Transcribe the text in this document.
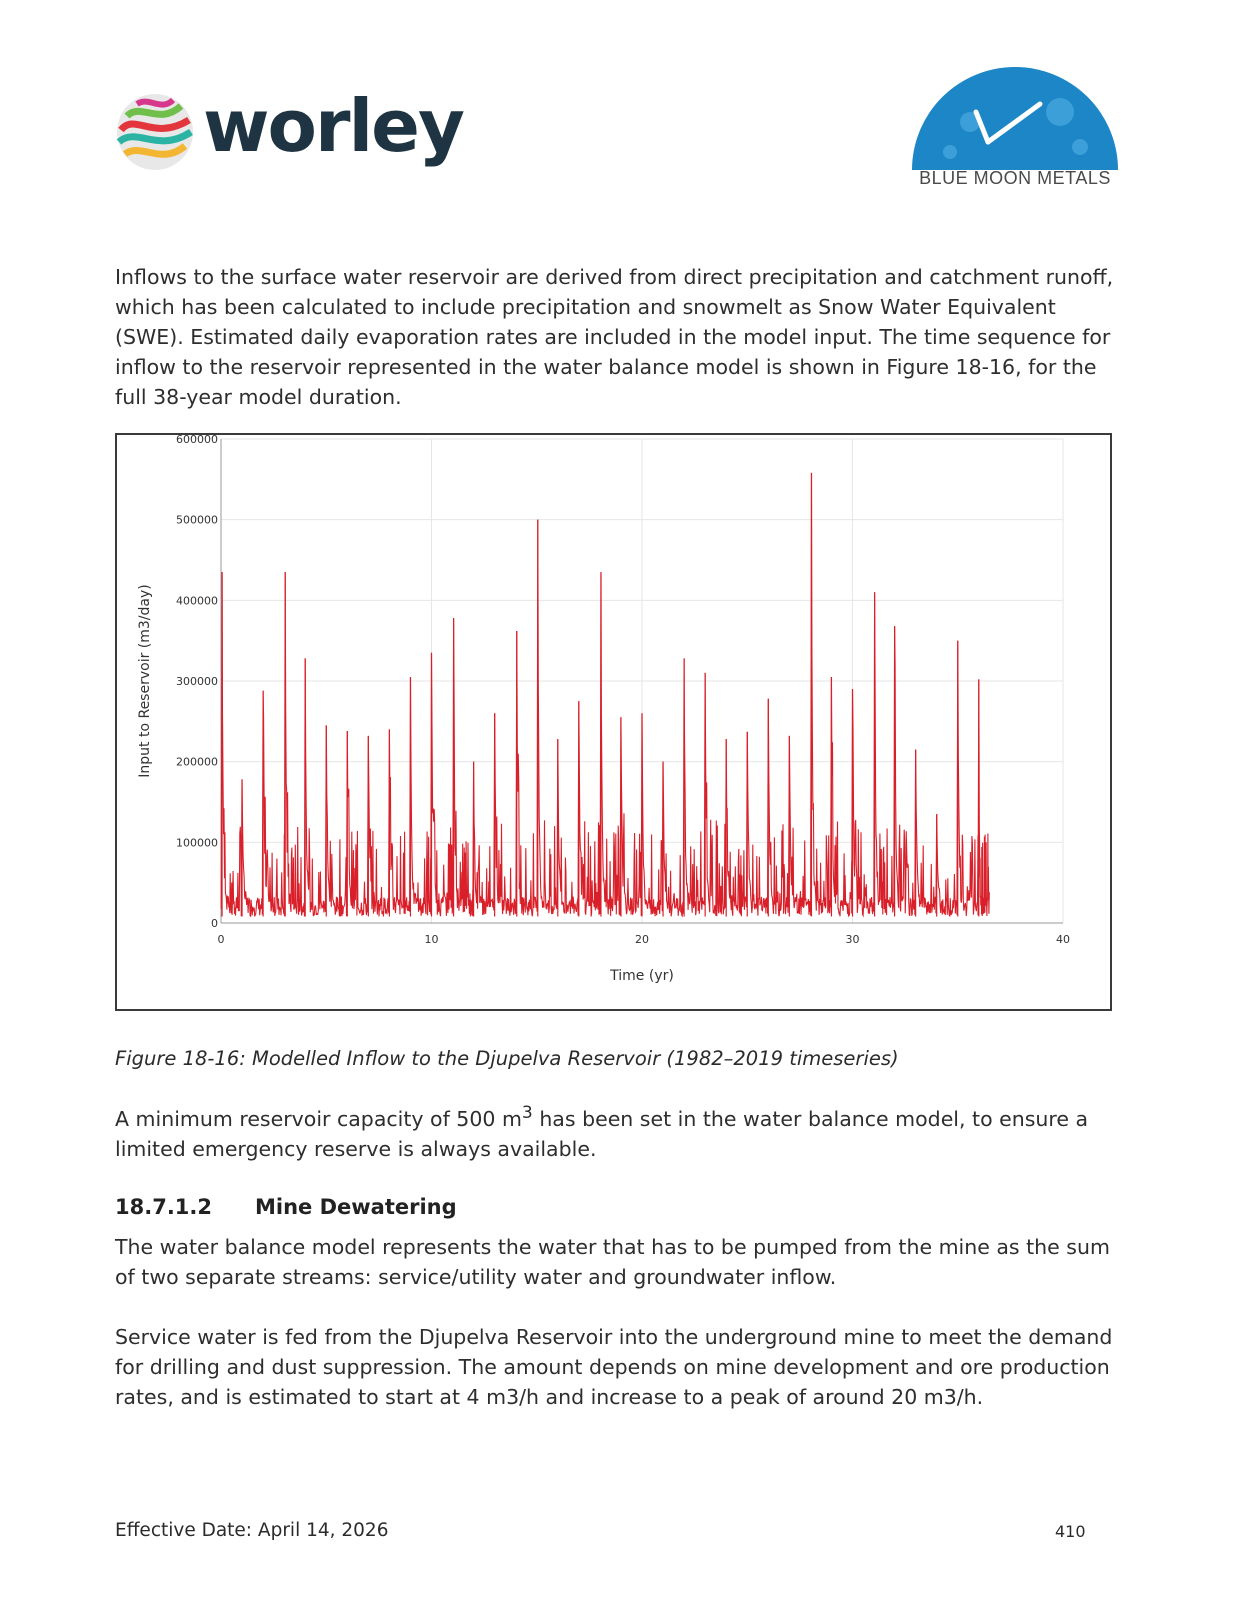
worley
BLUE MOON METALS

Inflows to the surface water reservoir are derived from direct precipitation and catchment runoff, which has been calculated to include precipitation and snowmelt as Snow Water Equivalent (SWE). Estimated daily evaporation rates are included in the model input. The time sequence for inflow to the reservoir represented in the water balance model is shown in Figure 18-16, for the full 38-year model duration.

0
100000
200000
300000
400000
500000
600000
0	10	20	30	40
Time (yr)
Input to Reservoir (m3/day)
Figure 18-16: Modelled Inflow to the Djupelva Reservoir (1982–2019 timeseries)

A minimum reservoir capacity of 500 $m^3$ has been set in the water balance model, to ensure a limited emergency reserve is always available.

18.7.1.2 Mine Dewatering

The water balance model represents the water that has to be pumped from the mine as the sum of two separate streams: service/utility water and groundwater inflow.

Service water is fed from the Djupelva Reservoir into the underground mine to meet the demand for drilling and dust suppression. The amount depends on mine development and ore production rates, and is estimated to start at 4 m3/h and increase to a peak of around 20 m3/h.

Effective Date: April 14, 2026	410
